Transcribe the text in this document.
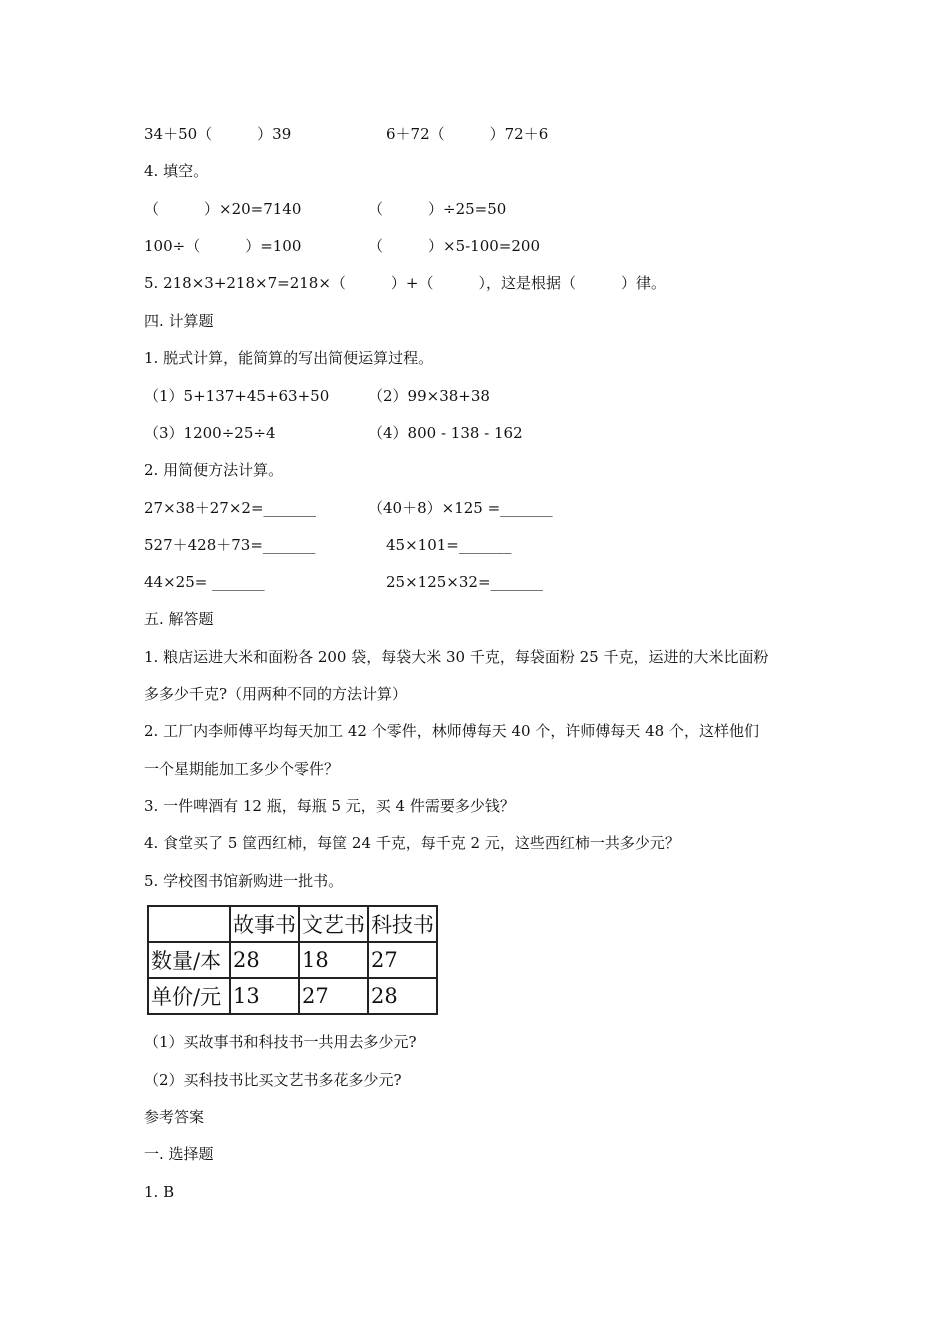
34＋50（　　　）39	6＋72（　　　）72＋6
4. 填空。
（　　　）×20=7140	（　　　）÷25=50
100÷（　　　）=100	（　　　）×5-100=200
5. 218×3+218×7=218×（　　　）+（　　　），这是根据（　　　）律。
四. 计算题
1. 脱式计算，能简算的写出简便运算过程。
（1）5+137+45+63+50	（2）99×38+38
（3）1200÷25÷4	（4）800 - 138 - 162
2. 用简便方法计算。
27×38＋27×2=_______	（40＋8）×125 =_______
527＋428＋73=_______	45×101=_______
44×25= _______	25×125×32=_______
五. 解答题
1. 粮店运进大米和面粉各 200 袋，每袋大米 30 千克，每袋面粉 25 千克，运进的大米比面粉
多多少千克?（用两种不同的方法计算）
2. 工厂内李师傅平均每天加工 42 个零件，林师傅每天 40 个，许师傅每天 48 个，这样他们
一个星期能加工多少个零件？
3. 一件啤酒有 12 瓶，每瓶 5 元，买 4 件需要多少钱？
4. 食堂买了 5 筐西红柿，每筐 24 千克，每千克 2 元，这些西红柿一共多少元？
5. 学校图书馆新购进一批书。
	故事书	文艺书	科技书
数量/本	28	18	27
单价/元	13	27	28
（1）买故事书和科技书一共用去多少元?
（2）买科技书比买文艺书多花多少元?
参考答案
一. 选择题
1. B
